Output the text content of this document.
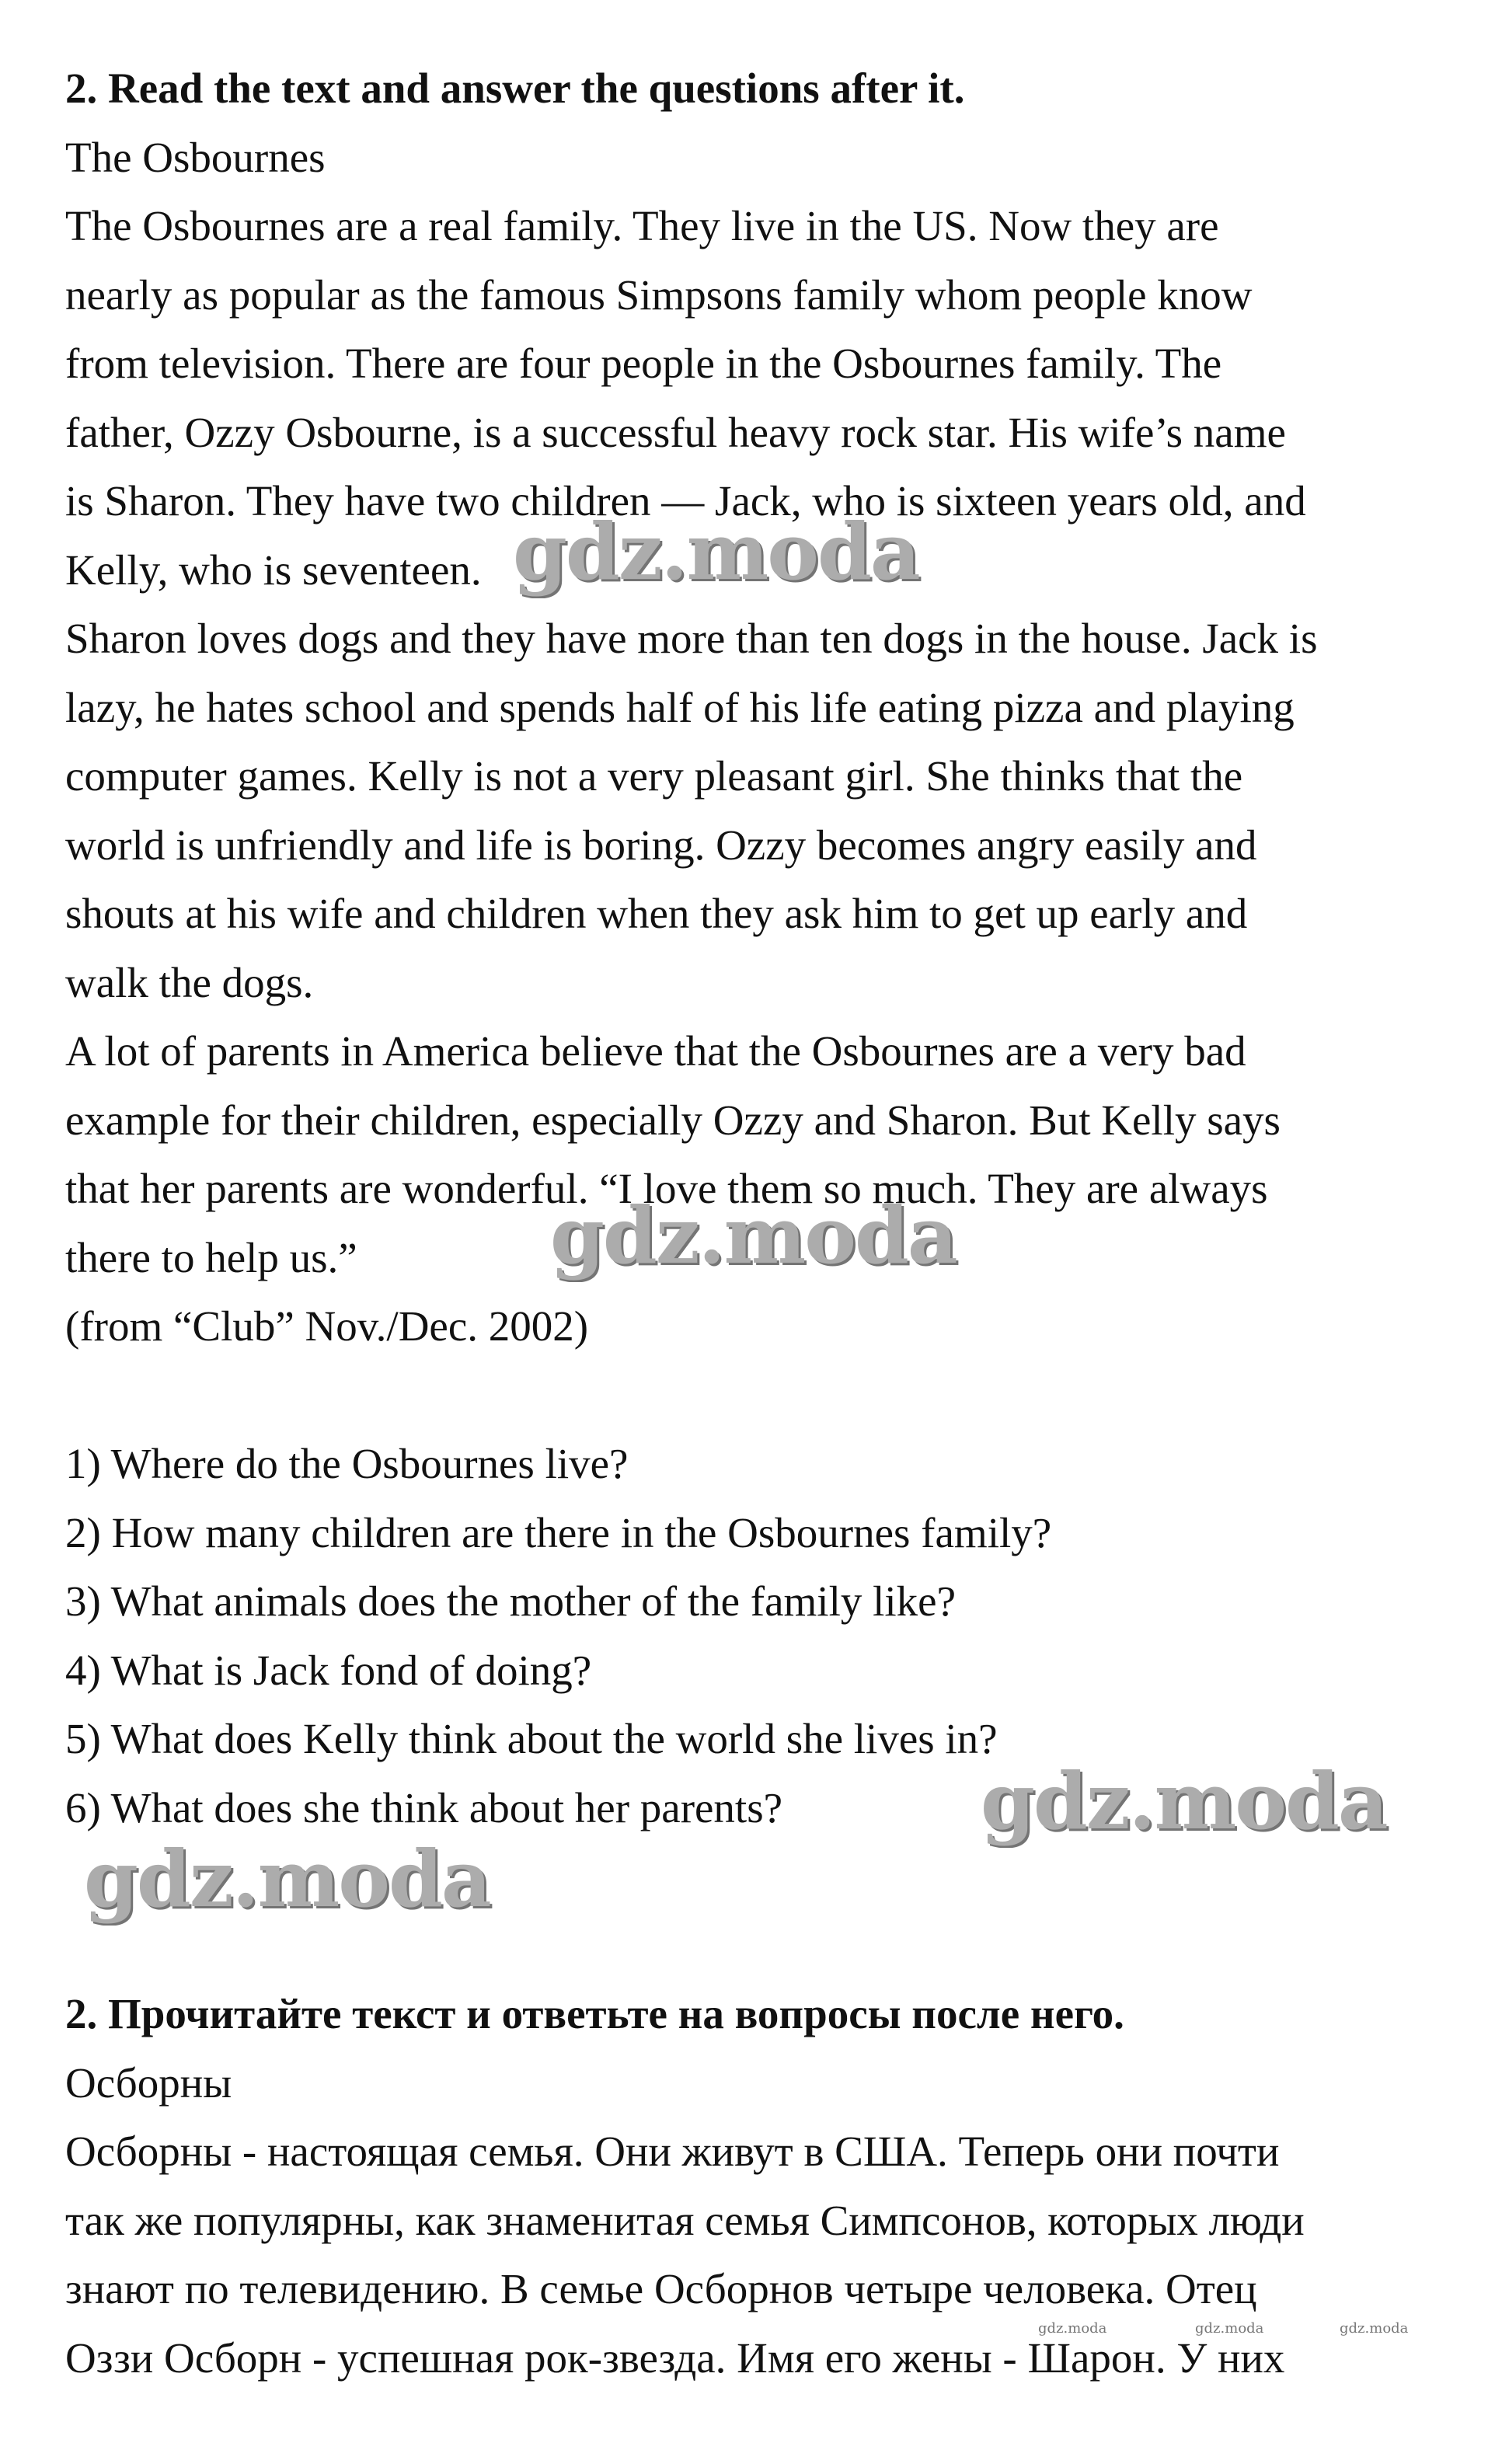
2. Read the text and answer the questions after it.
The Osbournes
The Osbournes are a real family. They live in the US. Now they are
nearly as popular as the famous Simpsons family whom people know
from television. There are four people in the Osbournes family. The
father, Ozzy Osbourne, is a successful heavy rock star. His wife’s name
is Sharon. They have two children — Jack, who is sixteen years old, and
Kelly, who is seventeen.
Sharon loves dogs and they have more than ten dogs in the house. Jack is
lazy, he hates school and spends half of his life eating pizza and playing
computer games. Kelly is not a very pleasant girl. She thinks that the
world is unfriendly and life is boring. Ozzy becomes angry easily and
shouts at his wife and children when they ask him to get up early and
walk the dogs.
A lot of parents in America believe that the Osbournes are a very bad
example for their children, especially Ozzy and Sharon. But Kelly says
that her parents are wonderful. “I love them so much. They are always
there to help us.”
(from “Club” Nov./Dec. 2002)
1) Where do the Osbournes live?
2) How many children are there in the Osbournes family?
3) What animals does the mother of the family like?
4) What is Jack fond of doing?
5) What does Kelly think about the world she lives in?
6) What does she think about her parents?
2. Прочитайте текст и ответьте на вопросы после него.
Осборны
Осборны - настоящая семья. Они живут в США. Теперь они почти
так же популярны, как знаменитая семья Симпсонов, которых люди
знают по телевидению. В семье Осборнов четыре человека. Отец
Оззи Осборн - успешная рок-звезда. Имя его жены - Шарон. У них
gdz.moda
gdz.moda
gdz.moda
gdz.moda
gdz.moda	gdz.moda	gdz.moda
